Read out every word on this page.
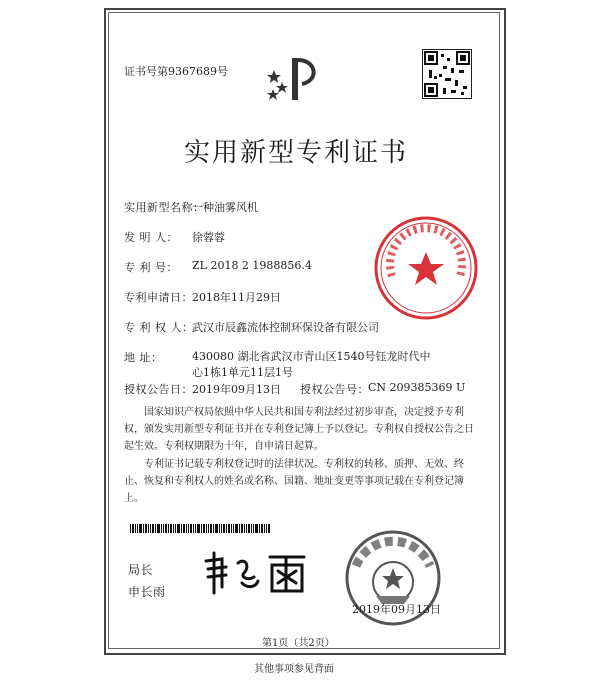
证书号第9367689号
实用新型专利证书
实用新型名称：
一种油雾风机
发 明 人： 徐蓉蓉
专 利 号： ZL 2018 2 1988856.4
专利申请日： 2018年11月29日
专 利 权 人：
武汉市辰鑫流体控制环保设备有限公司
地 址：	430080 湖北省武汉市青山区1540号钰龙时代中心1栋1单元11层1号
授权公告日： 2019年09月13日 授权公告号： CN 209385369 U
国家知识产权局依照中华人民共和国专利法经过初步审查，决定授予专利权，颁发实用新型专利证书并在专利登记簿上予以登记。专利权自授权公告之日起生效。专利权期限为十年，自申请日起算。
专利证书记载专利权登记时的法律状况。专利权的转移、质押、无效、终止、恢复和专利权人的姓名或名称、国籍、地址变更等事项记载在专利登记簿上。
局长
申长雨
2019年09月13日
第1页（共2页）
其他事项参见背面
